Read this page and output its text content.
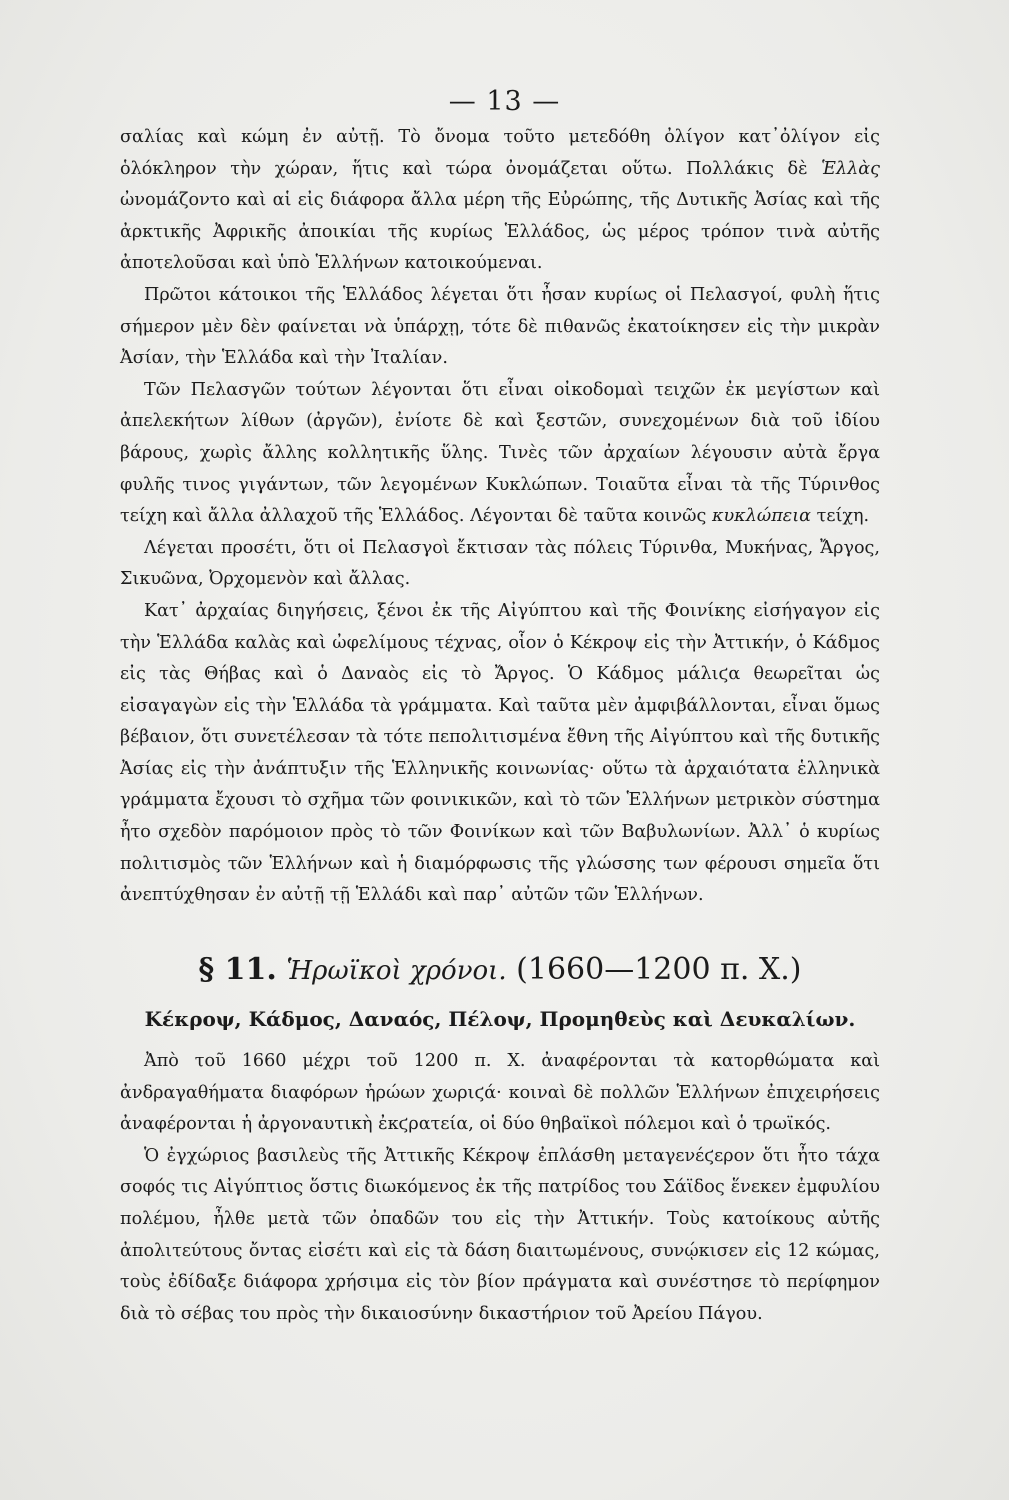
— 13 —

σαλίας καὶ κώμη ἐν αὐτῇ. Τὸ ὄνομα τοῦτο μετεδόθη ὀλίγον κατ᾽ὀλίγον εἰς ὁλόκληρον τὴν χώραν, ἥτις καὶ τώρα ὀνομάζεται οὕτω. Πολλάκις δὲ Ἑλλὰς ὠνομάζοντο καὶ αἱ εἰς διάφορα ἄλλα μέρη τῆς Εὐρώπης, τῆς Δυτικῆς Ἀσίας καὶ τῆς ἀρκτικῆς Ἀφρικῆς ἀποικίαι τῆς κυρίως Ἑλλάδος, ὡς μέρος τρόπον τινὰ αὐτῆς ἀποτελοῦσαι καὶ ὑπὸ Ἑλλήνων κατοικούμεναι.

Πρῶτοι κάτοικοι τῆς Ἑλλάδος λέγεται ὅτι ἦσαν κυρίως οἱ Πελασγοί, φυλὴ ἥτις σήμερον μὲν δὲν φαίνεται νὰ ὑπάρχῃ, τότε δὲ πιθανῶς ἐκατοίκησεν εἰς τὴν μικρὰν Ἀσίαν, τὴν Ἑλλάδα καὶ τὴν Ἰταλίαν.

Τῶν Πελασγῶν τούτων λέγονται ὅτι εἶναι οἰκοδομαὶ τειχῶν ἐκ μεγίστων καὶ ἀπελεκήτων λίθων (ἀργῶν), ἐνίοτε δὲ καὶ ξεστῶν, συνεχομένων διὰ τοῦ ἰδίου βάρους, χωρὶς ἄλλης κολλητικῆς ὕλης. Τινὲς τῶν ἀρχαίων λέγουσιν αὐτὰ ἔργα φυλῆς τινος γιγάντων, τῶν λεγομένων Κυκλώπων. Τοιαῦτα εἶναι τὰ τῆς Τύρινθος τείχη καὶ ἄλλα ἀλλαχοῦ τῆς Ἑλλάδος. Λέγονται δὲ ταῦτα κοινῶς κυκλώπεια τείχη.

Λέγεται προσέτι, ὅτι οἱ Πελασγοὶ ἔκτισαν τὰς πόλεις Τύρινθα, Μυκήνας, Ἄργος, Σικυῶνα, Ὀρχομενὸν καὶ ἄλλας.

Κατ᾽ ἀρχαίας διηγήσεις, ξένοι ἐκ τῆς Αἰγύπτου καὶ τῆς Φοινίκης εἰσήγαγον εἰς τὴν Ἑλλάδα καλὰς καὶ ὠφελίμους τέχνας, οἷον ὁ Κέκροψ εἰς τὴν Ἀττικήν, ὁ Κάδμος εἰς τὰς Θήβας καὶ ὁ Δαναὸς εἰς τὸ Ἄργος. Ὁ Κάδμος μάλιϛα θεωρεῖται ὡς εἰσαγαγὼν εἰς τὴν Ἑλλάδα τὰ γράμματα. Καὶ ταῦτα μὲν ἀμφιβάλλονται, εἶναι ὅμως βέβαιον, ὅτι συνετέλεσαν τὰ τότε πεπολιτισμένα ἔθνη τῆς Αἰγύπτου καὶ τῆς δυτικῆς Ἀσίας εἰς τὴν ἀνάπτυξιν τῆς Ἑλληνικῆς κοινωνίας· οὕτω τὰ ἀρχαιότατα ἑλληνικὰ γράμματα ἔχουσι τὸ σχῆμα τῶν φοινικικῶν, καὶ τὸ τῶν Ἑλλήνων μετρικὸν σύστημα ἦτο σχεδὸν παρόμοιον πρὸς τὸ τῶν Φοινίκων καὶ τῶν Βαβυλωνίων. Ἀλλ᾽ ὁ κυρίως πολιτισμὸς τῶν Ἑλλήνων καὶ ἡ διαμόρφωσις τῆς γλώσσης των φέρουσι σημεῖα ὅτι ἀνεπτύχθησαν ἐν αὐτῇ τῇ Ἑλλάδι καὶ παρ᾽ αὐτῶν τῶν Ἑλλήνων.

§ 11. Ἡρωϊκοὶ χρόνοι. (1660—1200 π. Χ.)
Κέκροψ, Κάδμος, Δαναός, Πέλοψ, Προμηθεὺς καὶ Δευκαλίων.

Ἀπὸ τοῦ 1660 μέχρι τοῦ 1200 π. Χ. ἀναφέρονται τὰ κατορθώματα καὶ ἀνδραγαθήματα διαφόρων ἡρώων χωριϛά· κοιναὶ δὲ πολλῶν Ἑλλήνων ἐπιχειρήσεις ἀναφέρονται ἡ ἀργοναυτικὴ ἐκϛρατεία, οἱ δύο θηβαϊκοὶ πόλεμοι καὶ ὁ τρωϊκός.

Ὁ ἐγχώριος βασιλεὺς τῆς Ἀττικῆς Κέκροψ ἐπλάσθη μεταγενέϛερον ὅτι ἦτο τάχα σοφός τις Αἰγύπτιος ὅστις διωκόμενος ἐκ τῆς πατρίδος του Σάϊδος ἕνεκεν ἐμφυλίου πολέμου, ἦλθε μετὰ τῶν ὀπαδῶν του εἰς τὴν Ἀττικήν. Τοὺς κατοίκους αὐτῆς ἀπολιτεύτους ὄντας εἰσέτι καὶ εἰς τὰ δάση διαιτωμένους, συνῴκισεν εἰς 12 κώμας, τοὺς ἐδίδαξε διάφορα χρήσιμα εἰς τὸν βίον πράγματα καὶ συνέστησε τὸ περίφημον διὰ τὸ σέβας του πρὸς τὴν δικαιοσύνην δικαστήριον τοῦ Ἀρείου Πάγου.
